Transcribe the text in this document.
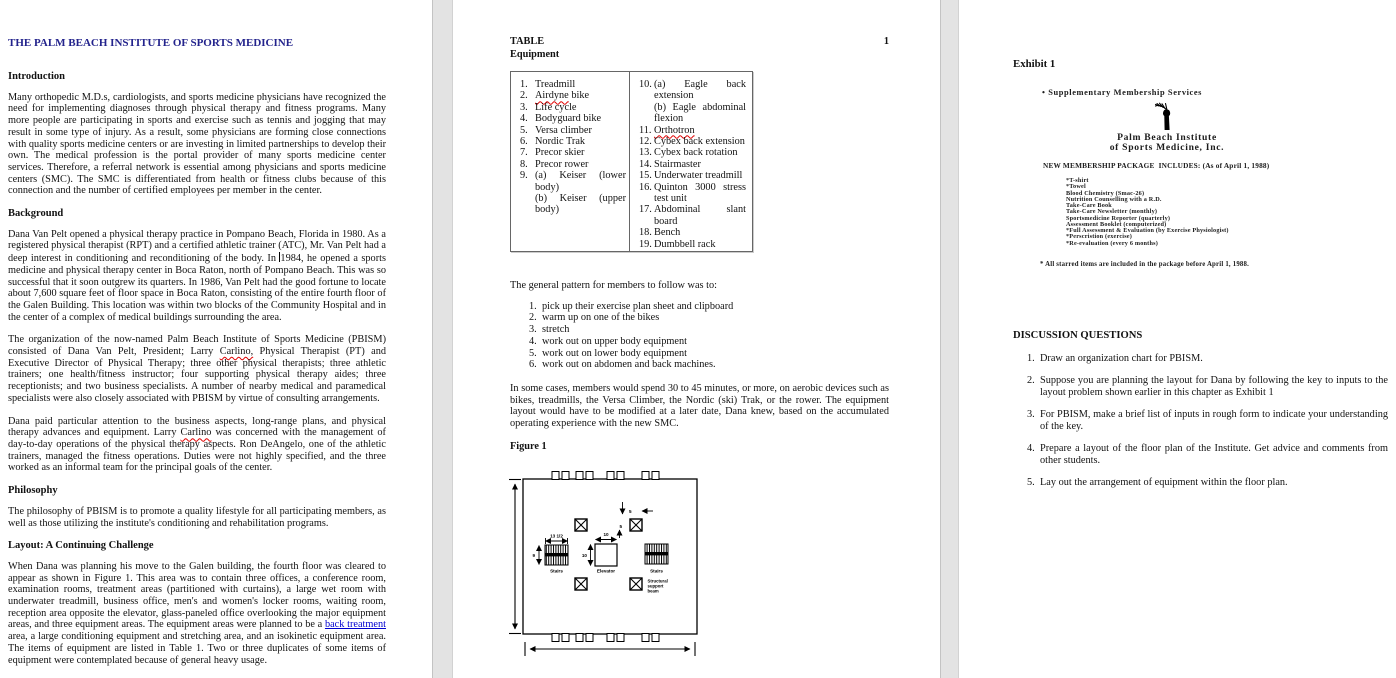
THE PALM BEACH INSTITUTE OF SPORTS MEDICINE
Introduction

Many orthopedic M.D.s, cardiologists, and sports medicine physicians have recognized the need for implementing diagnoses through physical therapy and fitness programs. Many more people are participating in sports and exercise such as tennis and jogging that may result in some type of injury. As a result, some physicians are forming close connections with quality sports medicine centers or are investing in limited partnerships to develop their own. The medical profession is the portal provider of many sports medicine center services. Therefore, a referral network is essential among physicians and sports medicine centers (SMC). The SMC is differentiated from health or fitness clubs because of this connection and the number of certified employees per member in the center.

Background

Dana Van Pelt opened a physical therapy practice in Pompano Beach, Florida in 1980. As a registered physical therapist (RPT) and a certified athletic trainer (ATC), Mr. Van Pelt had a deep interest in conditioning and reconditioning of the body. In 1984, he opened a sports medicine and physical therapy center in Boca Raton, north of Pompano Beach. This was so successful that it soon outgrew its quarters. In 1986, Van Pelt had the good fortune to locate about 7,600 square feet of floor space in Boca Raton, consisting of the entire fourth floor of the Galen Building. This location was within two blocks of the Community Hospital and in the center of a complex of medical buildings surrounding the area.

The organization of the now-named Palm Beach Institute of Sports Medicine (PBISM) consisted of Dana Van Pelt, President; Larry Carlino, Physical Therapist (PT) and Executive Director of Physical Therapy; three other physical therapists; three athletic trainers; one health/fitness instructor; four supporting physical therapy aides; three receptionists; and two business specialists. A number of nearby medical and paramedical specialists were also closely associated with PBISM by virtue of consulting arrangements.

Dana paid particular attention to the business aspects, long-range plans, and physical therapy advances and equipment. Larry Carlino was concerned with the management of day-to-day operations of the physical therapy aspects. Ron DeAngelo, one of the athletic trainers, managed the fitness operations. Duties were not highly specified, and the three worked as an informal team for the principal goals of the center.

Philosophy

The philosophy of PBISM is to promote a quality lifestyle for all participating members, as well as those utilizing the institute's conditioning and rehabilitation programs.

Layout: A Continuing Challenge

When Dana was planning his move to the Galen building, the fourth floor was cleared to appear as shown in Figure 1. This area was to contain three offices, a conference room, examination rooms, treatment areas (partitioned with curtains), a large wet room with underwater treadmill, business office, men's and women's locker rooms, waiting room, reception area opposite the elevator, glass-paneled office overlooking the major equipment areas, and three equipment areas. The equipment areas were planned to be a back treatment area, a large conditioning equipment and stretching area, and an isokinetic equipment area. The items of equipment are listed in Table 1. Two or three duplicates of some items of equipment were contemplated because of general heavy usage.

TABLE	1
Equipment
1. Treadmill
2. Airdyne bike
3. Life cycle
4. Bodyguard bike
5. Versa climber
6. Nordic Trak
7. Precor skier
8. Precor rower
9. (a) Keiser (lower body)
(b) Keiser (upper body)
10. (a) Eagle back extension
(b) Eagle abdominal flexion
11. Orthotron
12. Cybex back extension
13. Cybex back rotation
14. Stairmaster
15. Underwater treadmill
16. Quinton 3000 stress test unit
17. Abdominal slant board
18. Bench
19. Dumbbell rack

The general pattern for members to follow was to:

1. pick up their exercise plan sheet and clipboard
2. warm up on one of the bikes
3. stretch
4. work out on upper body equipment
5. work out on lower body equipment
6. work out on abdomen and back machines.

In some cases, members would spend 30 to 45 minutes, or more, on aerobic devices such as bikes, treadmills, the Versa Climber, the Nordic (ski) Trak, or the rower. The equipment layout would have to be modified at a later date, Dana knew, based on the accumulated operating experience with the new SMC.

Figure 1
13 1/2
9
Stairs
10
10
Elevator	Stairs
5
5
Structural
support
beam
Exhibit 1
• Supplementary Membership Services
Palm Beach Institute
of Sports Medicine, Inc.
NEW MEMBERSHIP PACKAGE  INCLUDES: (As of April 1, 1988)
*T-shirt
*Towel
Blood Chemistry (Smac-26)
Nutrition Counselling with a R.D.
Take-Care Book
Take-Care Newsletter (monthly)
Sportsmedicine Reporter (quarterly)
Assessment Booklet (computerized)
*Full Assessment & Evaluation (by Exercise Physiologist)
*Perscristion (exercise)
*Re-evaluation (every 6 months)
* All starred items are included in the package before April 1, 1988.
DISCUSSION QUESTIONS
1. Draw an organization chart for PBISM.
2. Suppose you are planning the layout for Dana by following the key to inputs to the layout problem shown earlier in this chapter as Exhibit 1
3. For PBISM, make a brief list of inputs in rough form to indicate your understanding of the key.
4. Prepare a layout of the floor plan of the Institute. Get advice and comments from other students.
5. Lay out the arrangement of equipment within the floor plan.
